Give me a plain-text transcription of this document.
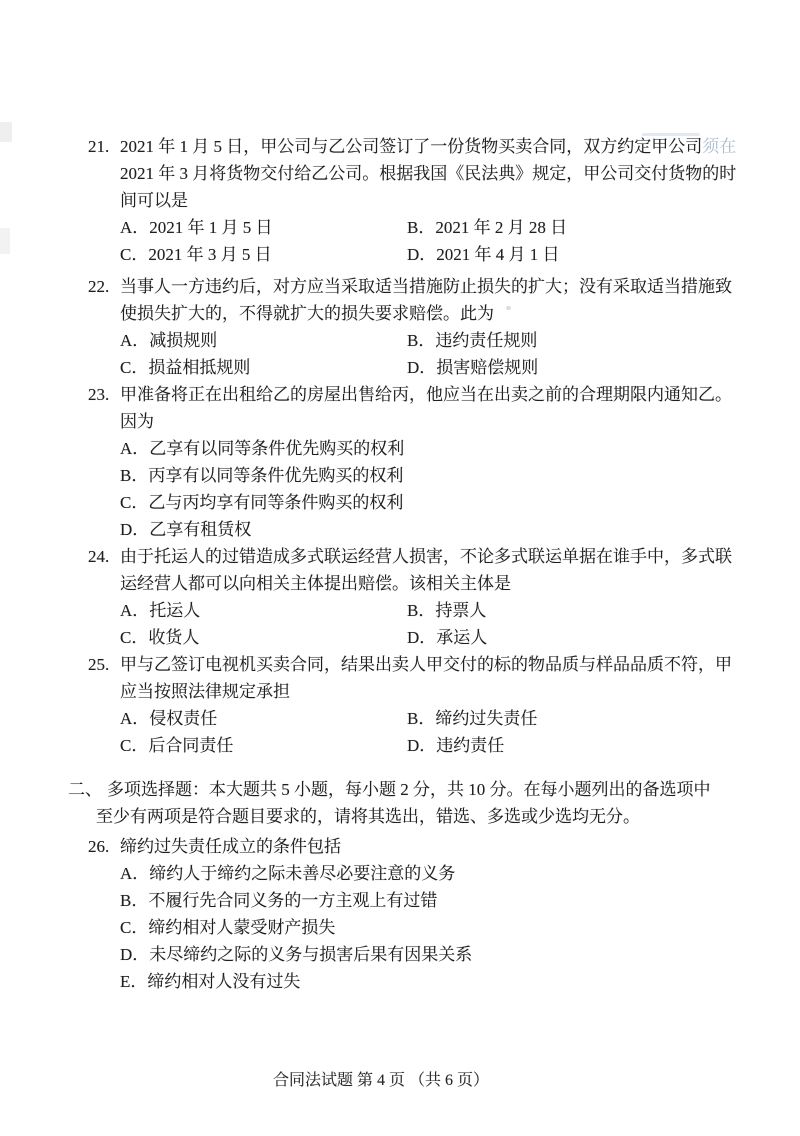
21. 2021 年 1 月 5 日，甲公司与乙公司签订了一份货物买卖合同，双方约定甲公司须在
2021 年 3 月将货物交付给乙公司。根据我国《民法典》规定，甲公司交付货物的时
间可以是
A．2021 年 1 月 5 日	B．2021 年 2 月 28 日
C．2021 年 3 月 5 日	D．2021 年 4 月 1 日
22. 当事人一方违约后，对方应当采取适当措施防止损失的扩大；没有采取适当措施致
使损失扩大的，不得就扩大的损失要求赔偿。此为
A．减损规则	B．违约责任规则
C．损益相抵规则	D．损害赔偿规则
23. 甲准备将正在出租给乙的房屋出售给丙，他应当在出卖之前的合理期限内通知乙。
因为
A．乙享有以同等条件优先购买的权利
B．丙享有以同等条件优先购买的权利
C．乙与丙均享有同等条件购买的权利
D．乙享有租赁权
24. 由于托运人的过错造成多式联运经营人损害，不论多式联运单据在谁手中，多式联
运经营人都可以向相关主体提出赔偿。该相关主体是
A．托运人	B．持票人
C．收货人	D．承运人
25. 甲与乙签订电视机买卖合同，结果出卖人甲交付的标的物品质与样品品质不符，甲
应当按照法律规定承担
A．侵权责任	B．缔约过失责任
C．后合同责任	D．违约责任
二、 多项选择题：本大题共 5 小题，每小题 2 分，共 10 分。在每小题列出的备选项中
至少有两项是符合题目要求的，请将其选出，错选、多选或少选均无分。
26. 缔约过失责任成立的条件包括
A．缔约人于缔约之际未善尽必要注意的义务
B．不履行先合同义务的一方主观上有过错
C．缔约相对人蒙受财产损失
D．未尽缔约之际的义务与损害后果有因果关系
E．缔约相对人没有过失
合同法试题 第 4 页 （共 6 页）
